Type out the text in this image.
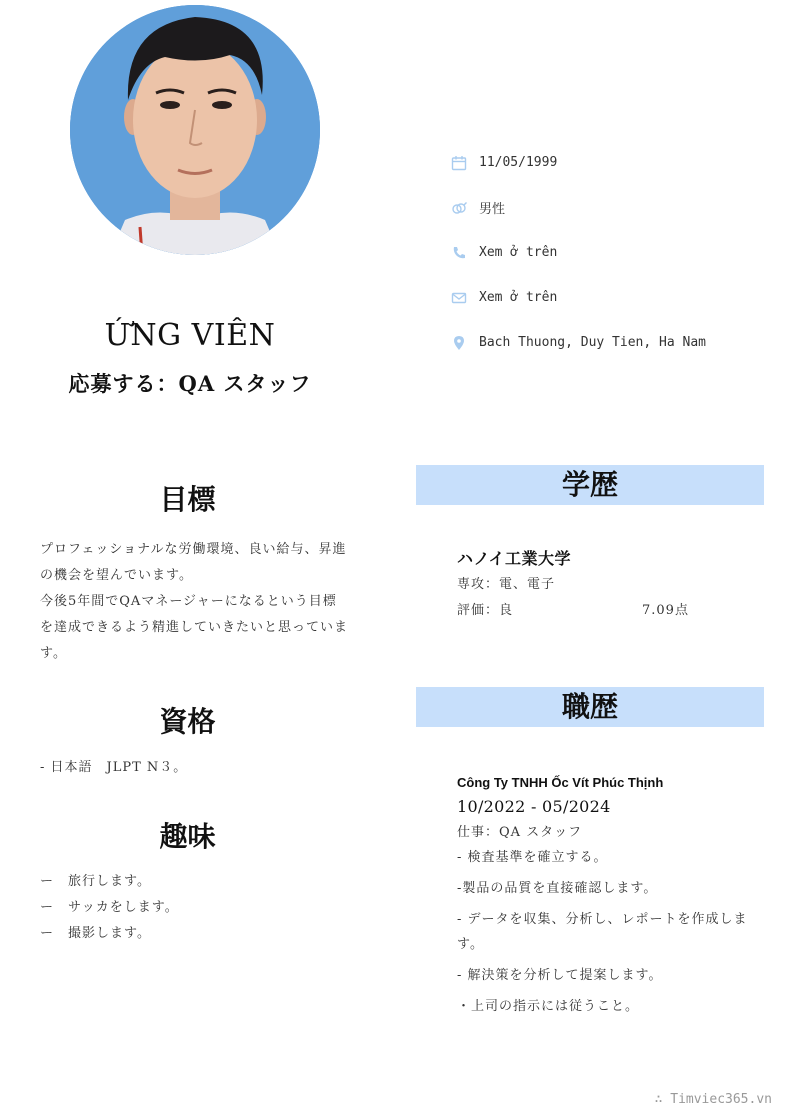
11/05/1999
男性
Xem ở trên
Xem ở trên
Bach Thuong, Duy Tien, Ha Nam
ỨNG VIÊN
応募する：QA スタッフ
目標
プロフェッショナルな労働環境、良い給与、昇進の機会を望んでいます。
今後5年間でQAマネージャーになるという目標を達成できるよう精進していきたいと思っています。
資格
- 日本語　JLPT N３。
趣味
ー 旅行します。
ー サッカをします。
ー 撮影します。
学歴
ハノイ工業大学
専攻：電、電子
評価：良	7.09点
職歴
Công Ty TNHH Ốc Vít Phúc Thịnh
10/2022 - 05/2024
仕事：QA スタッフ
- 検査基準を確立する。
-製品の品質を直接確認します。
- データを収集、分析し、レポートを作成します。
- 解決策を分析して提案します。
・上司の指示には従うこと。
∴ Timviec365.vn
